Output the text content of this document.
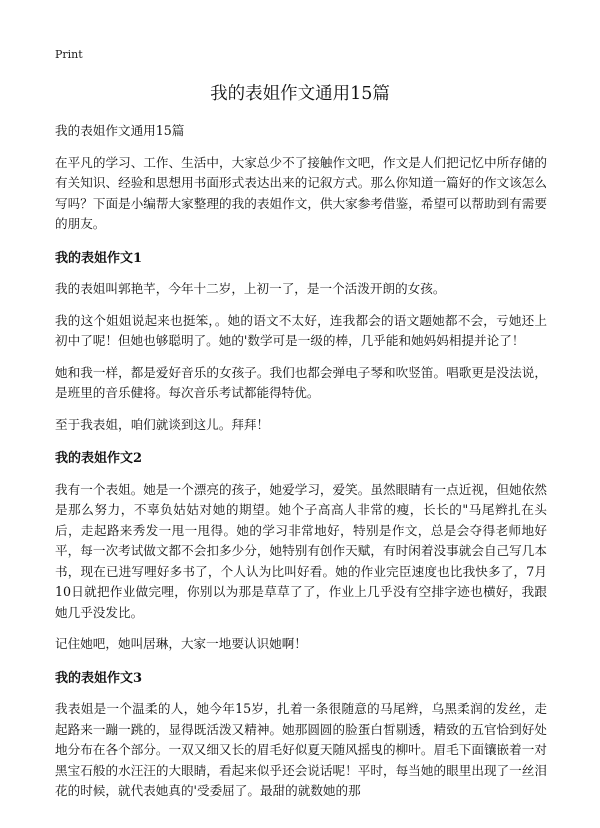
Print
我的表姐作文通用15篇

我的表姐作文通用15篇

在平凡的学习、工作、生活中，大家总少不了接触作文吧，作文是人们把记忆中所存储的有关知识、经验和思想用书面形式表达出来的记叙方式。那么你知道一篇好的作文该怎么写吗？下面是小编帮大家整理的我的表姐作文，供大家参考借鉴，希望可以帮助到有需要的朋友。

我的表姐作文1

我的表姐叫郭艳芊，今年十二岁，上初一了，是一个活泼开朗的女孩。

我的这个姐姐说起来也挺笨，。她的语文不太好，连我都会的语文题她都不会，亏她还上初中了呢！但她也够聪明了。她的'数学可是一级的棒，几乎能和她妈妈相提并论了！

她和我一样，都是爱好音乐的女孩子。我们也都会弹电子琴和吹竖笛。唱歌更是没法说，是班里的音乐健将。每次音乐考试都能得特优。

至于我表姐，咱们就谈到这儿。拜拜！

我的表姐作文2

我有一个表姐。她是一个漂亮的孩子，她爱学习，爱笑。虽然眼睛有一点近视，但她依然是那么努力，不辜负姑姑对她的期望。她个子高高人非常的瘦，长长的"马尾辫扎在头后，走起路来秀发一甩一甩得。她的学习非常地好，特别是作文，总是会夺得老师地好平，每一次考试做文都不会扣多少分，她特别有创作天赋，有时闲着没事就会自己写几本书，现在已进写哩好多书了，个人认为比叫好看。她的作业完臣速度也比我快多了，7月10日就把作业做完哩，你别以为那是草草了了，作业上几乎没有空排字迹也横好，我跟她几乎没发比。

记住她吧，她叫居琳，大家一地要认识她啊！

我的表姐作文3

我表姐是一个温柔的人，她今年15岁，扎着一条很随意的马尾辫，乌黑柔润的发丝，走起路来一蹦一跳的，显得既活泼又精神。她那圆圆的脸蛋白皙剔透，精致的五官恰到好处地分布在各个部分。一双又细又长的眉毛好似夏天随风摇曳的柳叶。眉毛下面镶嵌着一对黑宝石般的水汪汪的大眼睛，看起来似乎还会说话呢！平时，每当她的眼里出现了一丝泪花的时候，就代表她真的'受委屈了。最甜的就数她的那
